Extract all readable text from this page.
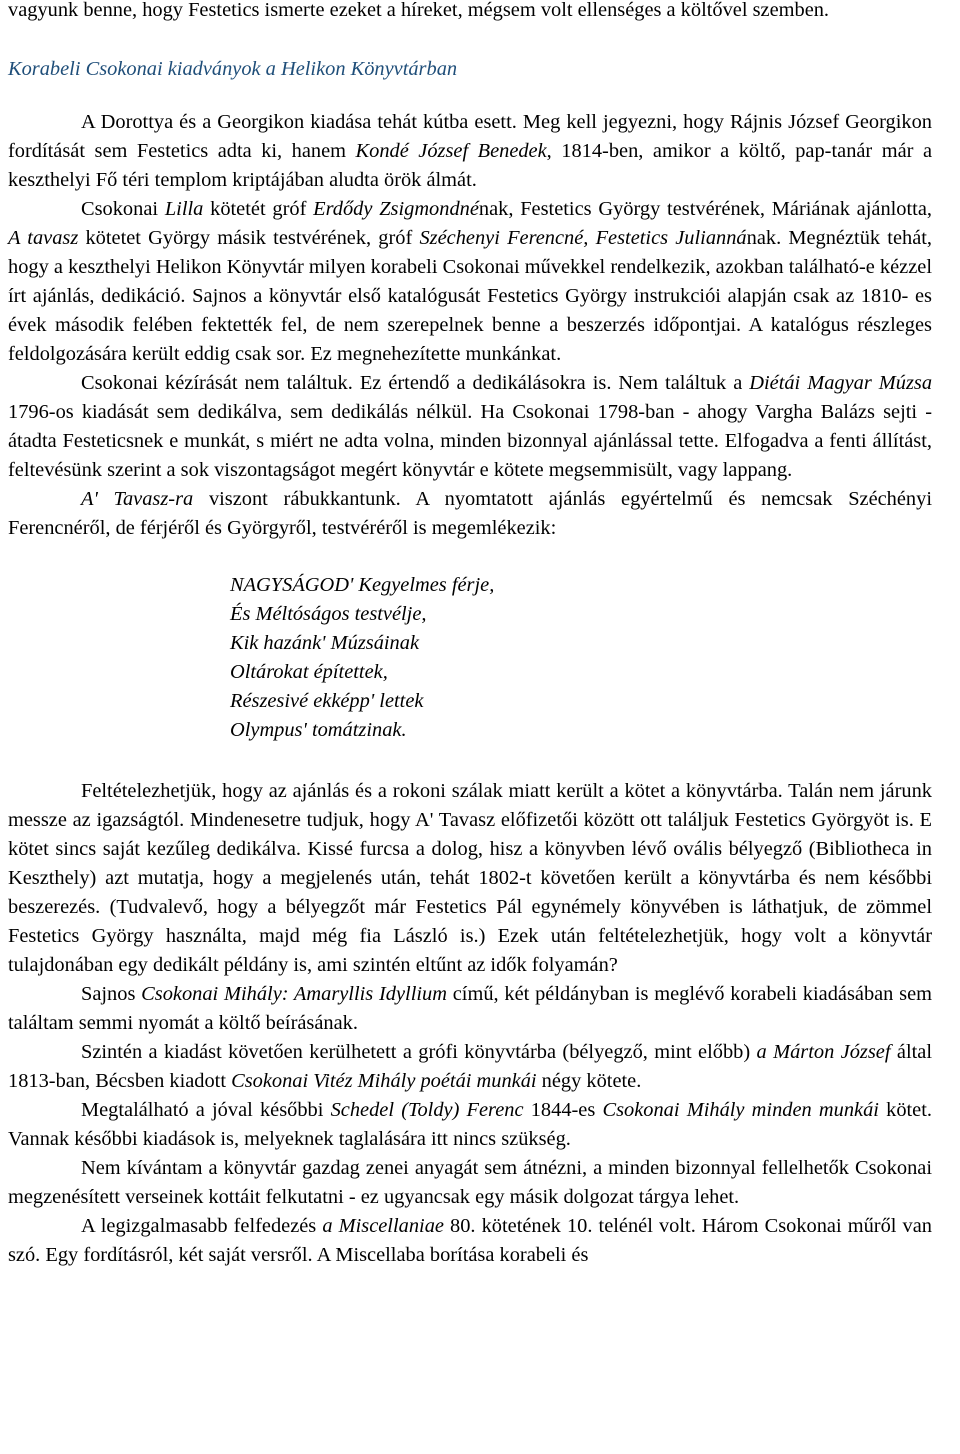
vagyunk benne, hogy Festetics ismerte ezeket a híreket, mégsem volt ellenséges a költővel szemben.

Korabeli Csokonai kiadványok a Helikon Könyvtárban

A Dorottya és a Georgikon kiadása tehát kútba esett. Meg kell jegyezni, hogy Rájnis József Georgikon fordítását sem Festetics adta ki, hanem Kondé József Benedek, 1814-ben, amikor a költő, pap-tanár már a keszthelyi Fő téri templom kriptájában aludta örök álmát.

Csokonai Lilla kötetét gróf Erdődy Zsigmondnénak, Festetics György testvérének, Máriának ajánlotta, A tavasz kötetet György másik testvérének, gróf Széchenyi Ferencné, Festetics Juliannának. Megnéztük tehát, hogy a keszthelyi Helikon Könyvtár milyen korabeli Csokonai művekkel rendelkezik, azokban található-e kézzel írt ajánlás, dedikáció. Sajnos a könyvtár első katalógusát Festetics György instrukciói alapján csak az 1810- es évek második felében fektették fel, de nem szerepelnek benne a beszerzés időpontjai. A katalógus részleges feldolgozására került eddig csak sor. Ez megnehezítette munkánkat.

Csokonai kézírását nem találtuk. Ez értendő a dedikálásokra is. Nem találtuk a Diétái Magyar Múzsa 1796-os kiadását sem dedikálva, sem dedikálás nélkül. Ha Csokonai 1798-ban - ahogy Vargha Balázs sejti - átadta Festeticsnek e munkát, s miért ne adta volna, minden bizonnyal ajánlással tette. Elfogadva a fenti állítást, feltevésünk szerint a sok viszontagságot megért könyvtár e kötete megsemmisült, vagy lappang.

A' Tavasz-ra viszont rábukkantunk. A nyomtatott ajánlás egyértelmű és nemcsak Széchényi Ferencnéről, de férjéről és Györgyről, testvéréről is megemlékezik:

NAGYSÁGOD' Kegyelmes férje,
És Méltóságos testvélje,
Kik hazánk' Múzsáinak
Oltárokat építettek,
Részesivé ekképp' lettek
Olympus' tomátzinak.

Feltételezhetjük, hogy az ajánlás és a rokoni szálak miatt került a kötet a könyvtárba. Talán nem járunk messze az igazságtól. Mindenesetre tudjuk, hogy A' Tavasz előfizetői között ott találjuk Festetics Györgyöt is. E kötet sincs saját kezűleg dedikálva. Kissé furcsa a dolog, hisz a könyvben lévő ovális bélyegző (Bibliotheca in Keszthely) azt mutatja, hogy a megjelenés után, tehát 1802-t követően került a könyvtárba és nem későbbi beszerezés. (Tudvalevő, hogy a bélyegzőt már Festetics Pál egynémely könyvében is láthatjuk, de zömmel Festetics György használta, majd még fia László is.) Ezek után feltételezhetjük, hogy volt a könyvtár tulajdonában egy dedikált példány is, ami szintén eltűnt az idők folyamán?

Sajnos Csokonai Mihály: Amaryllis Idyllium című, két példányban is meglévő korabeli kiadásában sem találtam semmi nyomát a költő beírásának.

Szintén a kiadást követően kerülhetett a grófi könyvtárba (bélyegző, mint előbb) a Márton József által 1813-ban, Bécsben kiadott Csokonai Vitéz Mihály poétái munkái négy kötete.

Megtalálható a jóval későbbi Schedel (Toldy) Ferenc 1844-es Csokonai Mihály minden munkái kötet. Vannak későbbi kiadások is, melyeknek taglalására itt nincs szükség.

Nem kívántam a könyvtár gazdag zenei anyagát sem átnézni, a minden bizonnyal fellelhetők Csokonai megzenésített verseinek kottáit felkutatni - ez ugyancsak egy másik dolgozat tárgya lehet.

A legizgalmasabb felfedezés a Miscellaniae 80. kötetének 10. telénél volt. Három Csokonai műről van szó. Egy fordításról, két saját versről. A Miscellaba borítása korabeli és
